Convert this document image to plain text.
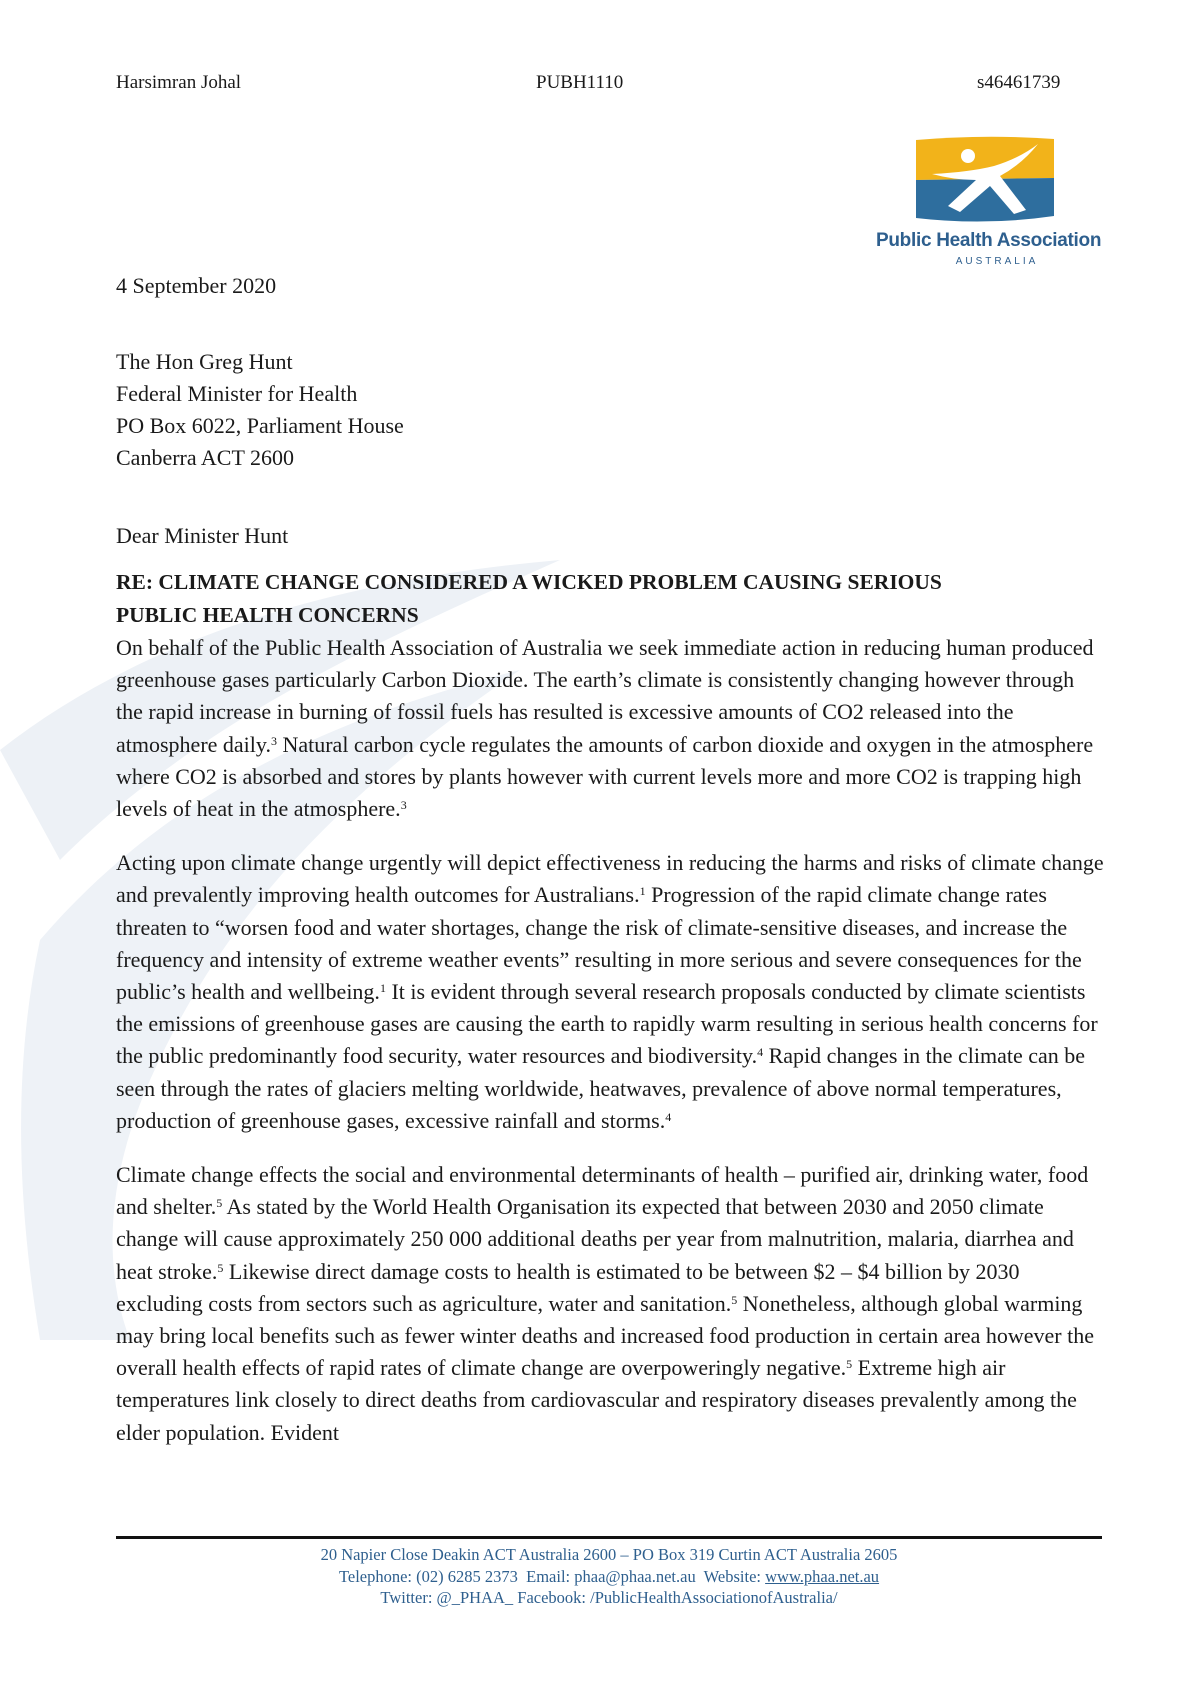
Harsimran Johal	PUBH1110	s46461739
Public Health Association
AUSTRALIA
4 September 2020
The Hon Greg Hunt
Federal Minister for Health
PO Box 6022, Parliament House
Canberra ACT 2600
Dear Minister Hunt
RE: CLIMATE CHANGE CONSIDERED A WICKED PROBLEM CAUSING SERIOUS
PUBLIC HEALTH CONCERNS

On behalf of the Public Health Association of Australia we seek immediate action in reducing human produced greenhouse gases particularly Carbon Dioxide. The earth’s climate is consistently changing however through the rapid increase in burning of fossil fuels has resulted is excessive amounts of CO2 released into the atmosphere daily.$^3$ Natural carbon cycle regulates the amounts of carbon dioxide and oxygen in the atmosphere where CO2 is absorbed and stores by plants however with current levels more and more CO2 is trapping high levels of heat in the atmosphere.$^3$

Acting upon climate change urgently will depict effectiveness in reducing the harms and risks of climate change and prevalently improving health outcomes for Australians.$^1$ Progression of the rapid climate change rates threaten to “worsen food and water shortages, change the risk of climate-sensitive diseases, and increase the frequency and intensity of extreme weather events” resulting in more serious and severe consequences for the public’s health and wellbeing.$^1$ It is evident through several research proposals conducted by climate scientists the emissions of greenhouse gases are causing the earth to rapidly warm resulting in serious health concerns for the public predominantly food security, water resources and biodiversity.$^4$ Rapid changes in the climate can be seen through the rates of glaciers melting worldwide, heatwaves, prevalence of above normal temperatures, production of greenhouse gases, excessive rainfall and storms.$^4$

Climate change effects the social and environmental determinants of health – purified air, drinking water, food and shelter.$^5$ As stated by the World Health Organisation its expected that between 2030 and 2050 climate change will cause approximately 250 000 additional deaths per year from malnutrition, malaria, diarrhea and heat stroke.$^5$ Likewise direct damage costs to health is estimated to be between $2 – $4 billion by 2030 excluding costs from sectors such as agriculture, water and sanitation.$^5$ Nonetheless, although global warming may bring local benefits such as fewer winter deaths and increased food production in certain area however the overall health effects of rapid rates of climate change are overpoweringly negative.$^5$ Extreme high air temperatures link closely to direct deaths from cardiovascular and respiratory diseases prevalently among the elder population. Evident

20 Napier Close Deakin ACT Australia 2600 – PO Box 319 Curtin ACT Australia 2605
Telephone: (02) 6285 2373 Email: phaa@phaa.net.au Website: www.phaa.net.au
Twitter: @_PHAA_ Facebook: /PublicHealthAssociationofAustralia/
